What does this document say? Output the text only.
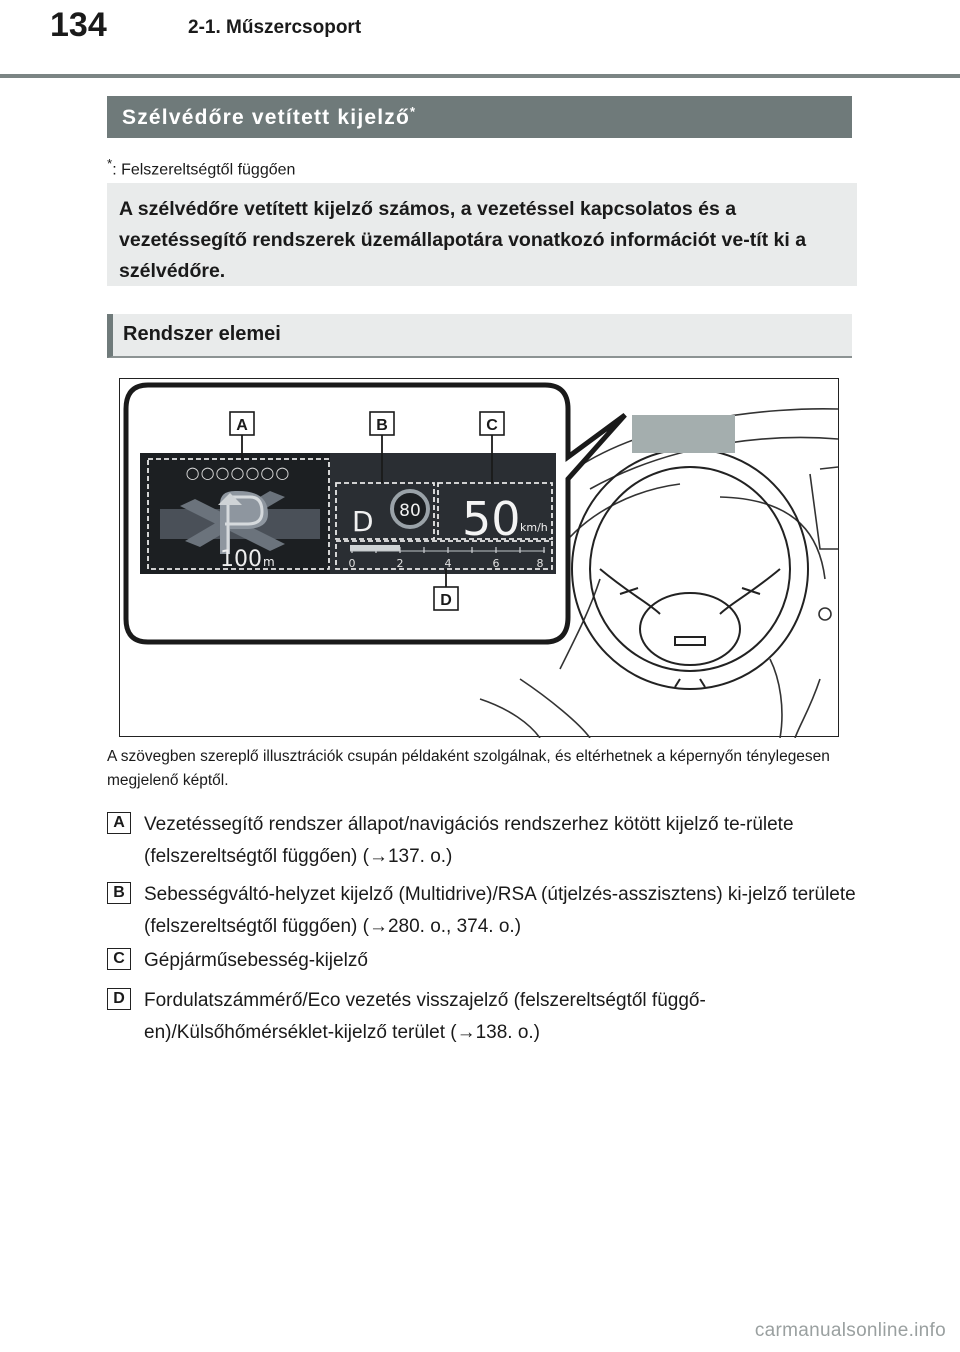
134	2-1. Műszercsoport
Szélvédőre vetített kijelző*
*: Felszereltségtől függően
A szélvédőre vetített kijelző számos, a vezetéssel kapcsolatos és a vezetéssegítő rendszerek üzemállapotára vonatkozó információt ve-tít ki a szélvédőre.
Rendszer elemei
○○○○○○○
100 m
D 80 50 km/h
0	2	4	6	8
A	B	C
D
A szövegben szereplő illusztrációk csupán példaként szolgálnak, és eltérhetnek a képernyőn ténylegesen megjelenő képtől.
A	Vezetéssegítő rendszer állapot/navigációs rendszerhez kötött kijelző te-rülete (felszereltségtől függően) (→137. o.)
B	Sebességváltó-helyzet kijelző (Multidrive)/RSA (útjelzés-asszisztens) ki-jelző területe (felszereltségtől függően) (→280. o., 374. o.)
C	Gépjárműsebesség-kijelző
D	Fordulatszámmérő/Eco vezetés visszajelző (felszereltségtől függő-en)/Külsőhőmérséklet-kijelző terület (→138. o.)
carmanualsonline.info
